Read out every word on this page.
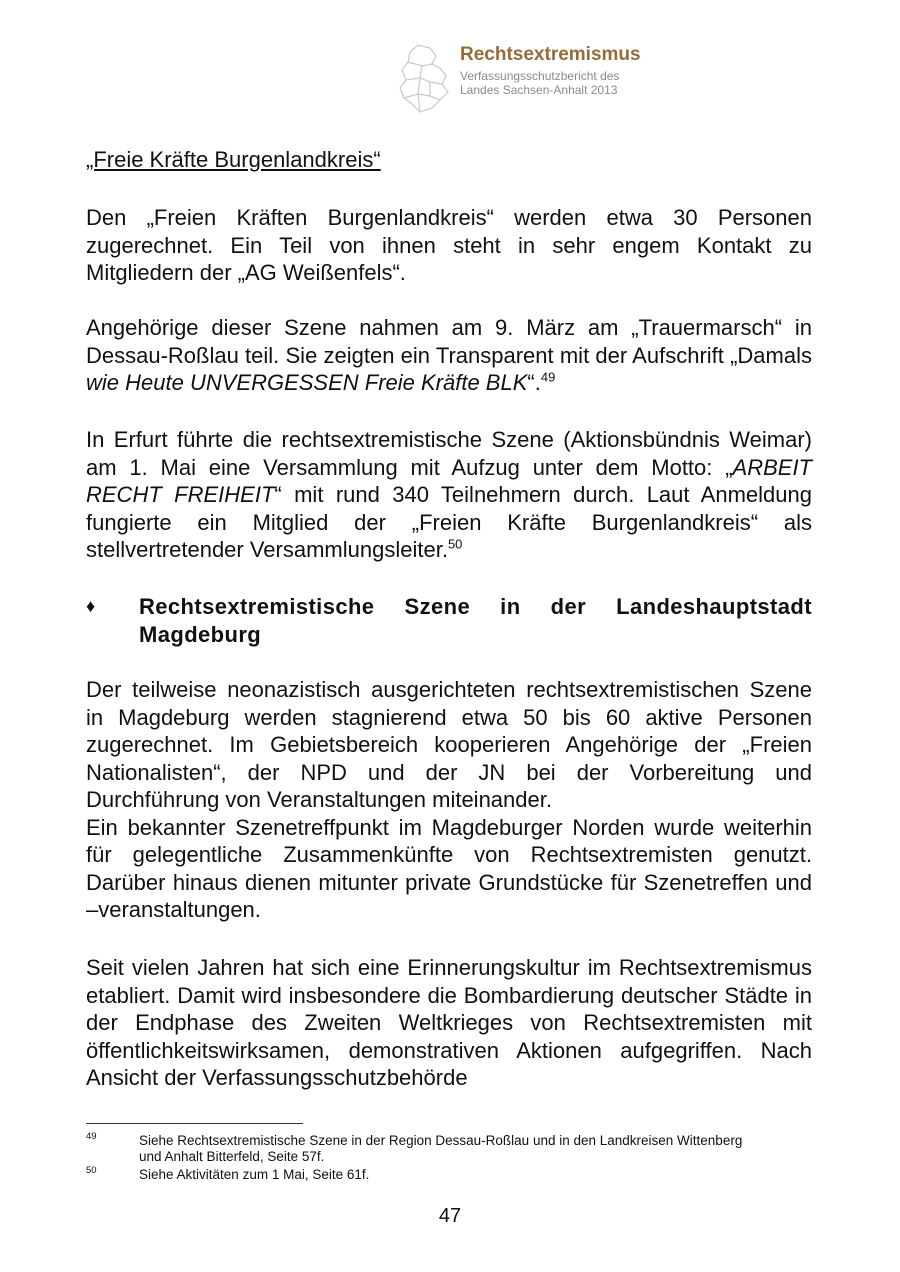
Rechtsextremismus
Verfassungsschutzbericht des
Landes Sachsen-Anhalt 2013
„Freie Kräfte Burgenlandkreis“

Den „Freien Kräften Burgenlandkreis“ werden etwa 30 Personen zugerechnet. Ein Teil von ihnen steht in sehr engem Kontakt zu Mitgliedern der „AG Weißenfels“.

Angehörige dieser Szene nahmen am 9. März am „Trauermarsch“ in Dessau-Roßlau teil. Sie zeigten ein Transparent mit der Aufschrift „Damals wie Heute UNVERGESSEN Freie Kräfte BLK“.$^{49}$

In Erfurt führte die rechtsextremistische Szene (Aktionsbündnis Weimar) am 1. Mai eine Versammlung mit Aufzug unter dem Motto: „ARBEIT RECHT FREIHEIT“ mit rund 340 Teilnehmern durch. Laut Anmeldung fungierte ein Mitglied der „Freien Kräfte Burgenlandkreis“ als stellvertretender Versammlungsleiter.$^{50}$

♦ Rechtsextremistische Szene in der Landeshauptstadt Magdeburg

Der teilweise neonazistisch ausgerichteten rechtsextremistischen Szene in Magdeburg werden stagnierend etwa 50 bis 60 aktive Personen zugerechnet. Im Gebietsbereich kooperieren Angehörige der „Freien Nationalisten“, der NPD und der JN bei der Vorbereitung und Durchführung von Veranstaltungen miteinander.

Ein bekannter Szenetreffpunkt im Magdeburger Norden wurde weiterhin für gelegentliche Zusammenkünfte von Rechtsextremisten genutzt. Darüber hinaus dienen mitunter private Grundstücke für Szenetreffen und –veranstaltungen.

Seit vielen Jahren hat sich eine Erinnerungskultur im Rechtsextremismus etabliert. Damit wird insbesondere die Bombardierung deutscher Städte in der Endphase des Zweiten Weltkrieges von Rechtsextremisten mit öffentlichkeitswirksamen, demonstrativen Aktionen aufgegriffen. Nach Ansicht der Verfassungsschutzbehörde

49	Siehe Rechtsextremistische Szene in der Region Dessau-Roßlau und in den Landkreisen Wittenberg und Anhalt Bitterfeld, Seite 57f.
50	Siehe Aktivitäten zum 1 Mai, Seite 61f.
47
